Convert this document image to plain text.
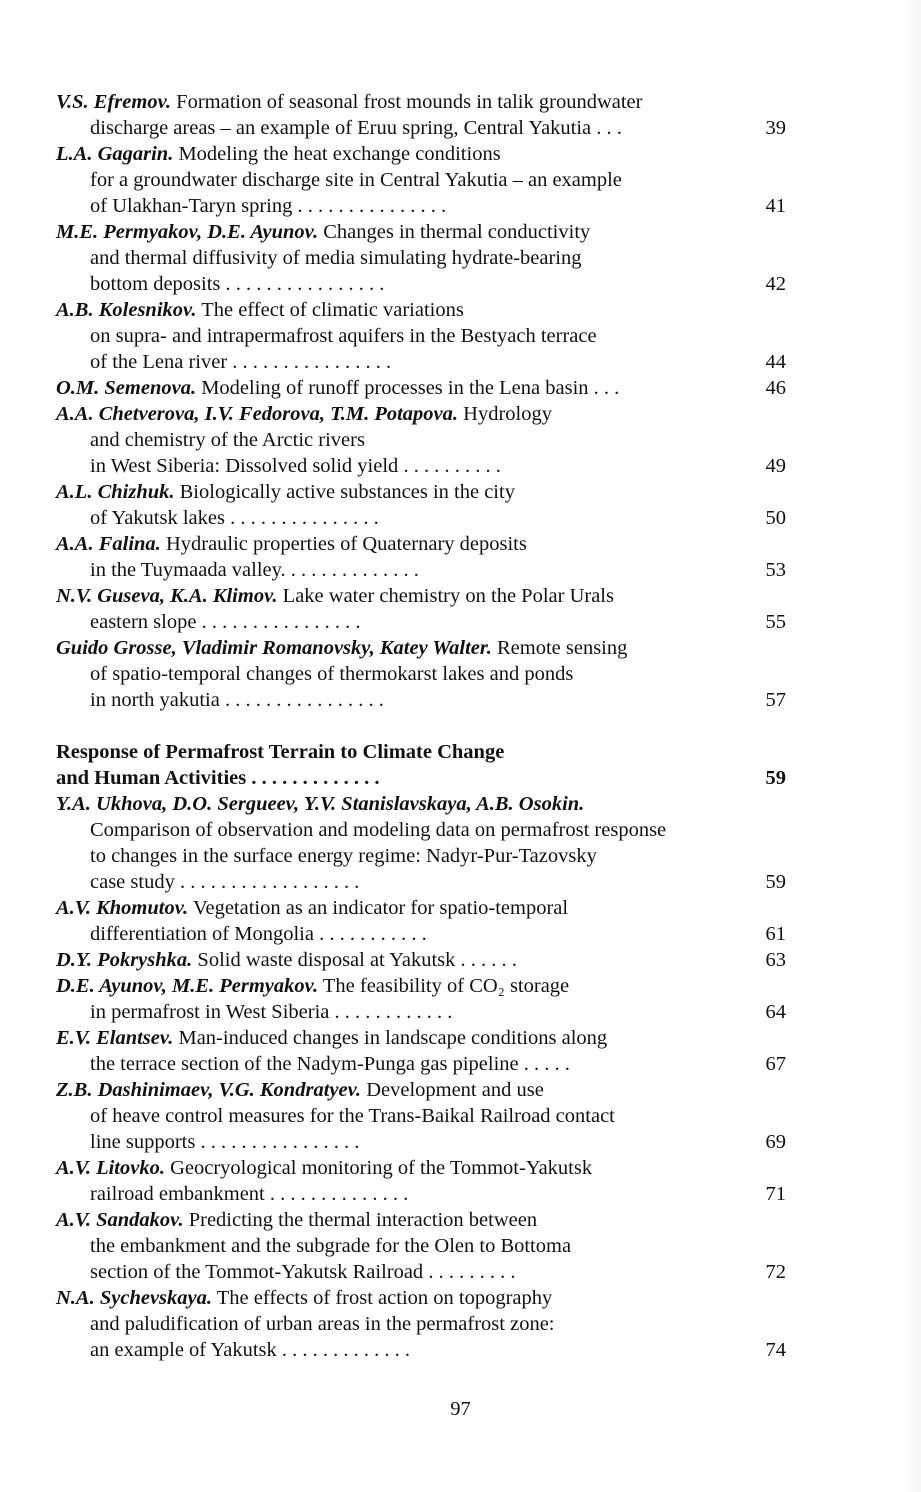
V.S. Efremov. Formation of seasonal frost mounds in talik groundwater
discharge areas – an example of Eruu spring, Central Yakutia . . .	39
L.A. Gagarin. Modeling the heat exchange conditions
for a groundwater discharge site in Central Yakutia – an example
of Ulakhan-Taryn spring . . . . . . . . . . . . . . .	41
M.E. Permyakov, D.E. Ayunov. Changes in thermal conductivity
and thermal diffusivity of media simulating hydrate-bearing
bottom deposits . . . . . . . . . . . . . . . .	42
A.B. Kolesnikov. The effect of climatic variations
on supra- and intrapermafrost aquifers in the Bestyach terrace
of the Lena river . . . . . . . . . . . . . . . .	44
O.M. Semenova. Modeling of runoff processes in the Lena basin . . .	46
A.A. Chetverova, I.V. Fedorova, T.M. Potapova. Hydrology
and chemistry of the Arctic rivers
in West Siberia: Dissolved solid yield . . . . . . . . . .	49
A.L. Chizhuk. Biologically active substances in the city
of Yakutsk lakes . . . . . . . . . . . . . . .	50
A.A. Falina. Hydraulic properties of Quaternary deposits
in the Tuymaada valley. . . . . . . . . . . . . .	53
N.V. Guseva, K.A. Klimov. Lake water chemistry on the Polar Urals
eastern slope . . . . . . . . . . . . . . . .	55
Guido Grosse, Vladimir Romanovsky, Katey Walter. Remote sensing
of spatio-temporal changes of thermokarst lakes and ponds
in north yakutia . . . . . . . . . . . . . . . .	57
Response of Permafrost Terrain to Climate Change
and Human Activities . . . . . . . . . . . . .	59
Y.A. Ukhova, D.O. Sergueev, Y.V. Stanislavskaya, A.B. Osokin.
Comparison of observation and modeling data on permafrost response
to changes in the surface energy regime: Nadyr-Pur-Tazovsky
case study . . . . . . . . . . . . . . . . . .	59
A.V. Khomutov. Vegetation as an indicator for spatio-temporal
differentiation of Mongolia . . . . . . . . . . .	61
D.Y. Pokryshka. Solid waste disposal at Yakutsk . . . . . .	63
D.E. Ayunov, M.E. Permyakov. The feasibility of CO₂ storage
in permafrost in West Siberia . . . . . . . . . . . .	64
E.V. Elantsev. Man-induced changes in landscape conditions along
the terrace section of the Nadym-Punga gas pipeline . . . . .	67
Z.B. Dashinimaev, V.G. Kondratyev. Development and use
of heave control measures for the Trans-Baikal Railroad contact
line supports . . . . . . . . . . . . . . . .	69
A.V. Litovko. Geocryological monitoring of the Tommot-Yakutsk
railroad embankment . . . . . . . . . . . . . .	71
A.V. Sandakov. Predicting the thermal interaction between
the embankment and the subgrade for the Olen to Bottoma
section of the Tommot-Yakutsk Railroad . . . . . . . . .	72
N.A. Sychevskaya. The effects of frost action on topography
and paludification of urban areas in the permafrost zone:
an example of Yakutsk . . . . . . . . . . . . .	74
97
